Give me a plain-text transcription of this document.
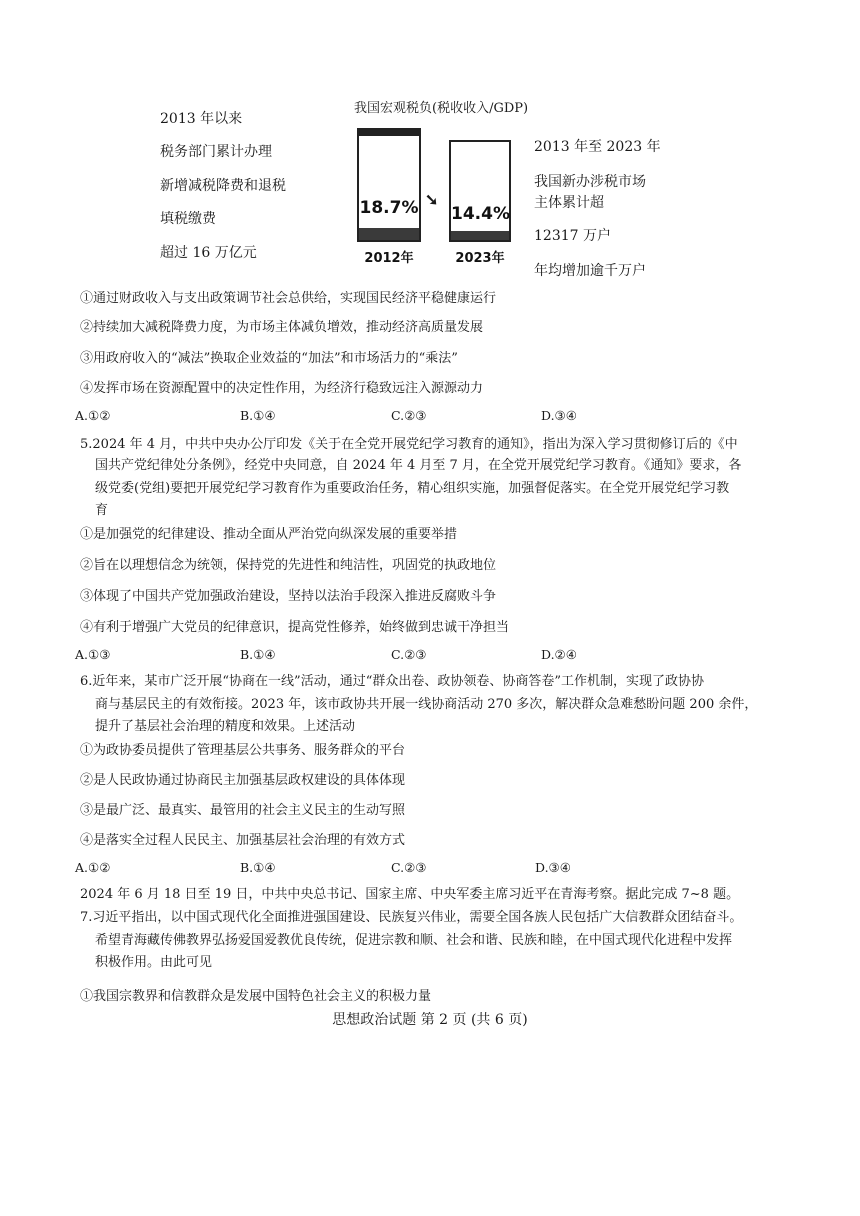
2013 年以来
税务部门累计办理
新增减税降费和退税
填税缴费
超过 16 万亿元
我国宏观税负(税收收入/GDP)
18.7% ➘
14.4%
2012年	2023年
2013 年至 2023 年
我国新办涉税市场
主体累计超
12317 万户
年均增加逾千万户
①通过财政收入与支出政策调节社会总供给，实现国民经济平稳健康运行
②持续加大减税降费力度，为市场主体减负增效，推动经济高质量发展
③用政府收入的“减法”换取企业效益的“加法”和市场活力的“乘法”
④发挥市场在资源配置中的决定性作用，为经济行稳致远注入源源动力
A.①②	B.①④	C.②③	D.③④
5.2024 年 4 月，中共中央办公厅印发《关于在全党开展党纪学习教育的通知》，指出为深入学习贯彻修订后的《中
国共产党纪律处分条例》，经党中央同意，自 2024 年 4 月至 7 月，在全党开展党纪学习教育。《通知》要求，各
级党委(党组)要把开展党纪学习教育作为重要政治任务，精心组织实施，加强督促落实。在全党开展党纪学习教
育
①是加强党的纪律建设、推动全面从严治党向纵深发展的重要举措
②旨在以理想信念为统领，保持党的先进性和纯洁性，巩固党的执政地位
③体现了中国共产党加强政治建设，坚持以法治手段深入推进反腐败斗争
④有利于增强广大党员的纪律意识，提高党性修养，始终做到忠诚干净担当
A.①③	B.①④	C.②③	D.②④
6.近年来，某市广泛开展“协商在一线”活动，通过“群众出卷、政协领卷、协商答卷”工作机制，实现了政协协
商与基层民主的有效衔接。2023 年，该市政协共开展一线协商活动 270 多次，解决群众急难愁盼问题 200 余件，
提升了基层社会治理的精度和效果。上述活动
①为政协委员提供了管理基层公共事务、服务群众的平台
②是人民政协通过协商民主加强基层政权建设的具体体现
③是最广泛、最真实、最管用的社会主义民主的生动写照
④是落实全过程人民民主、加强基层社会治理的有效方式
A.①②	B.①④	C.②③	D.③④
2024 年 6 月 18 日至 19 日，中共中央总书记、国家主席、中央军委主席习近平在青海考察。据此完成 7~8 题。
7.习近平指出，以中国式现代化全面推进强国建设、民族复兴伟业，需要全国各族人民包括广大信教群众团结奋斗。
希望青海藏传佛教界弘扬爱国爱教优良传统，促进宗教和顺、社会和谐、民族和睦，在中国式现代化进程中发挥
积极作用。由此可见
①我国宗教界和信教群众是发展中国特色社会主义的积极力量
思想政治试题 第 2 页 (共 6 页)
